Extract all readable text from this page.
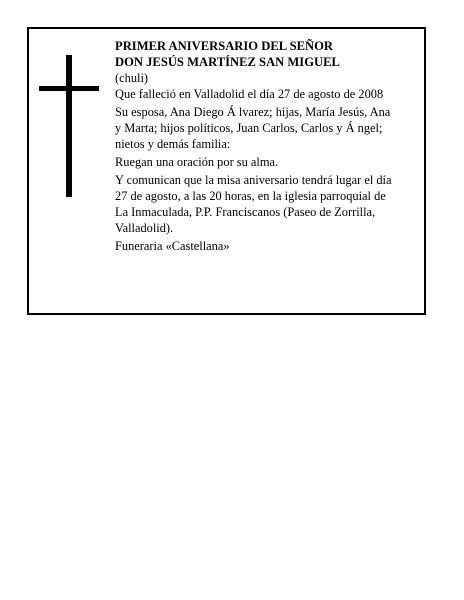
PRIMER ANIVERSARIO DEL SEÑOR
DON JESÚS MARTÍNEZ SAN MIGUEL
(chuli)
Que falleció en Valladolid el día 27 de agosto de 2008
Su esposa, Ana Diego Á lvarez; hijas, María Jesús, Ana
y Marta; hijos políticos, Juan Carlos, Carlos y Á ngel;
nietos y demás familia:
Ruegan una oración por su alma.
Y comunican que la misa aniversario tendrá lugar el día
27 de agosto, a las 20 horas, en la iglesia parroquial de
La Inmaculada, P.P. Franciscanos (Paseo de Zorrilla,
Valladolid).
Funeraria «Castellana»
